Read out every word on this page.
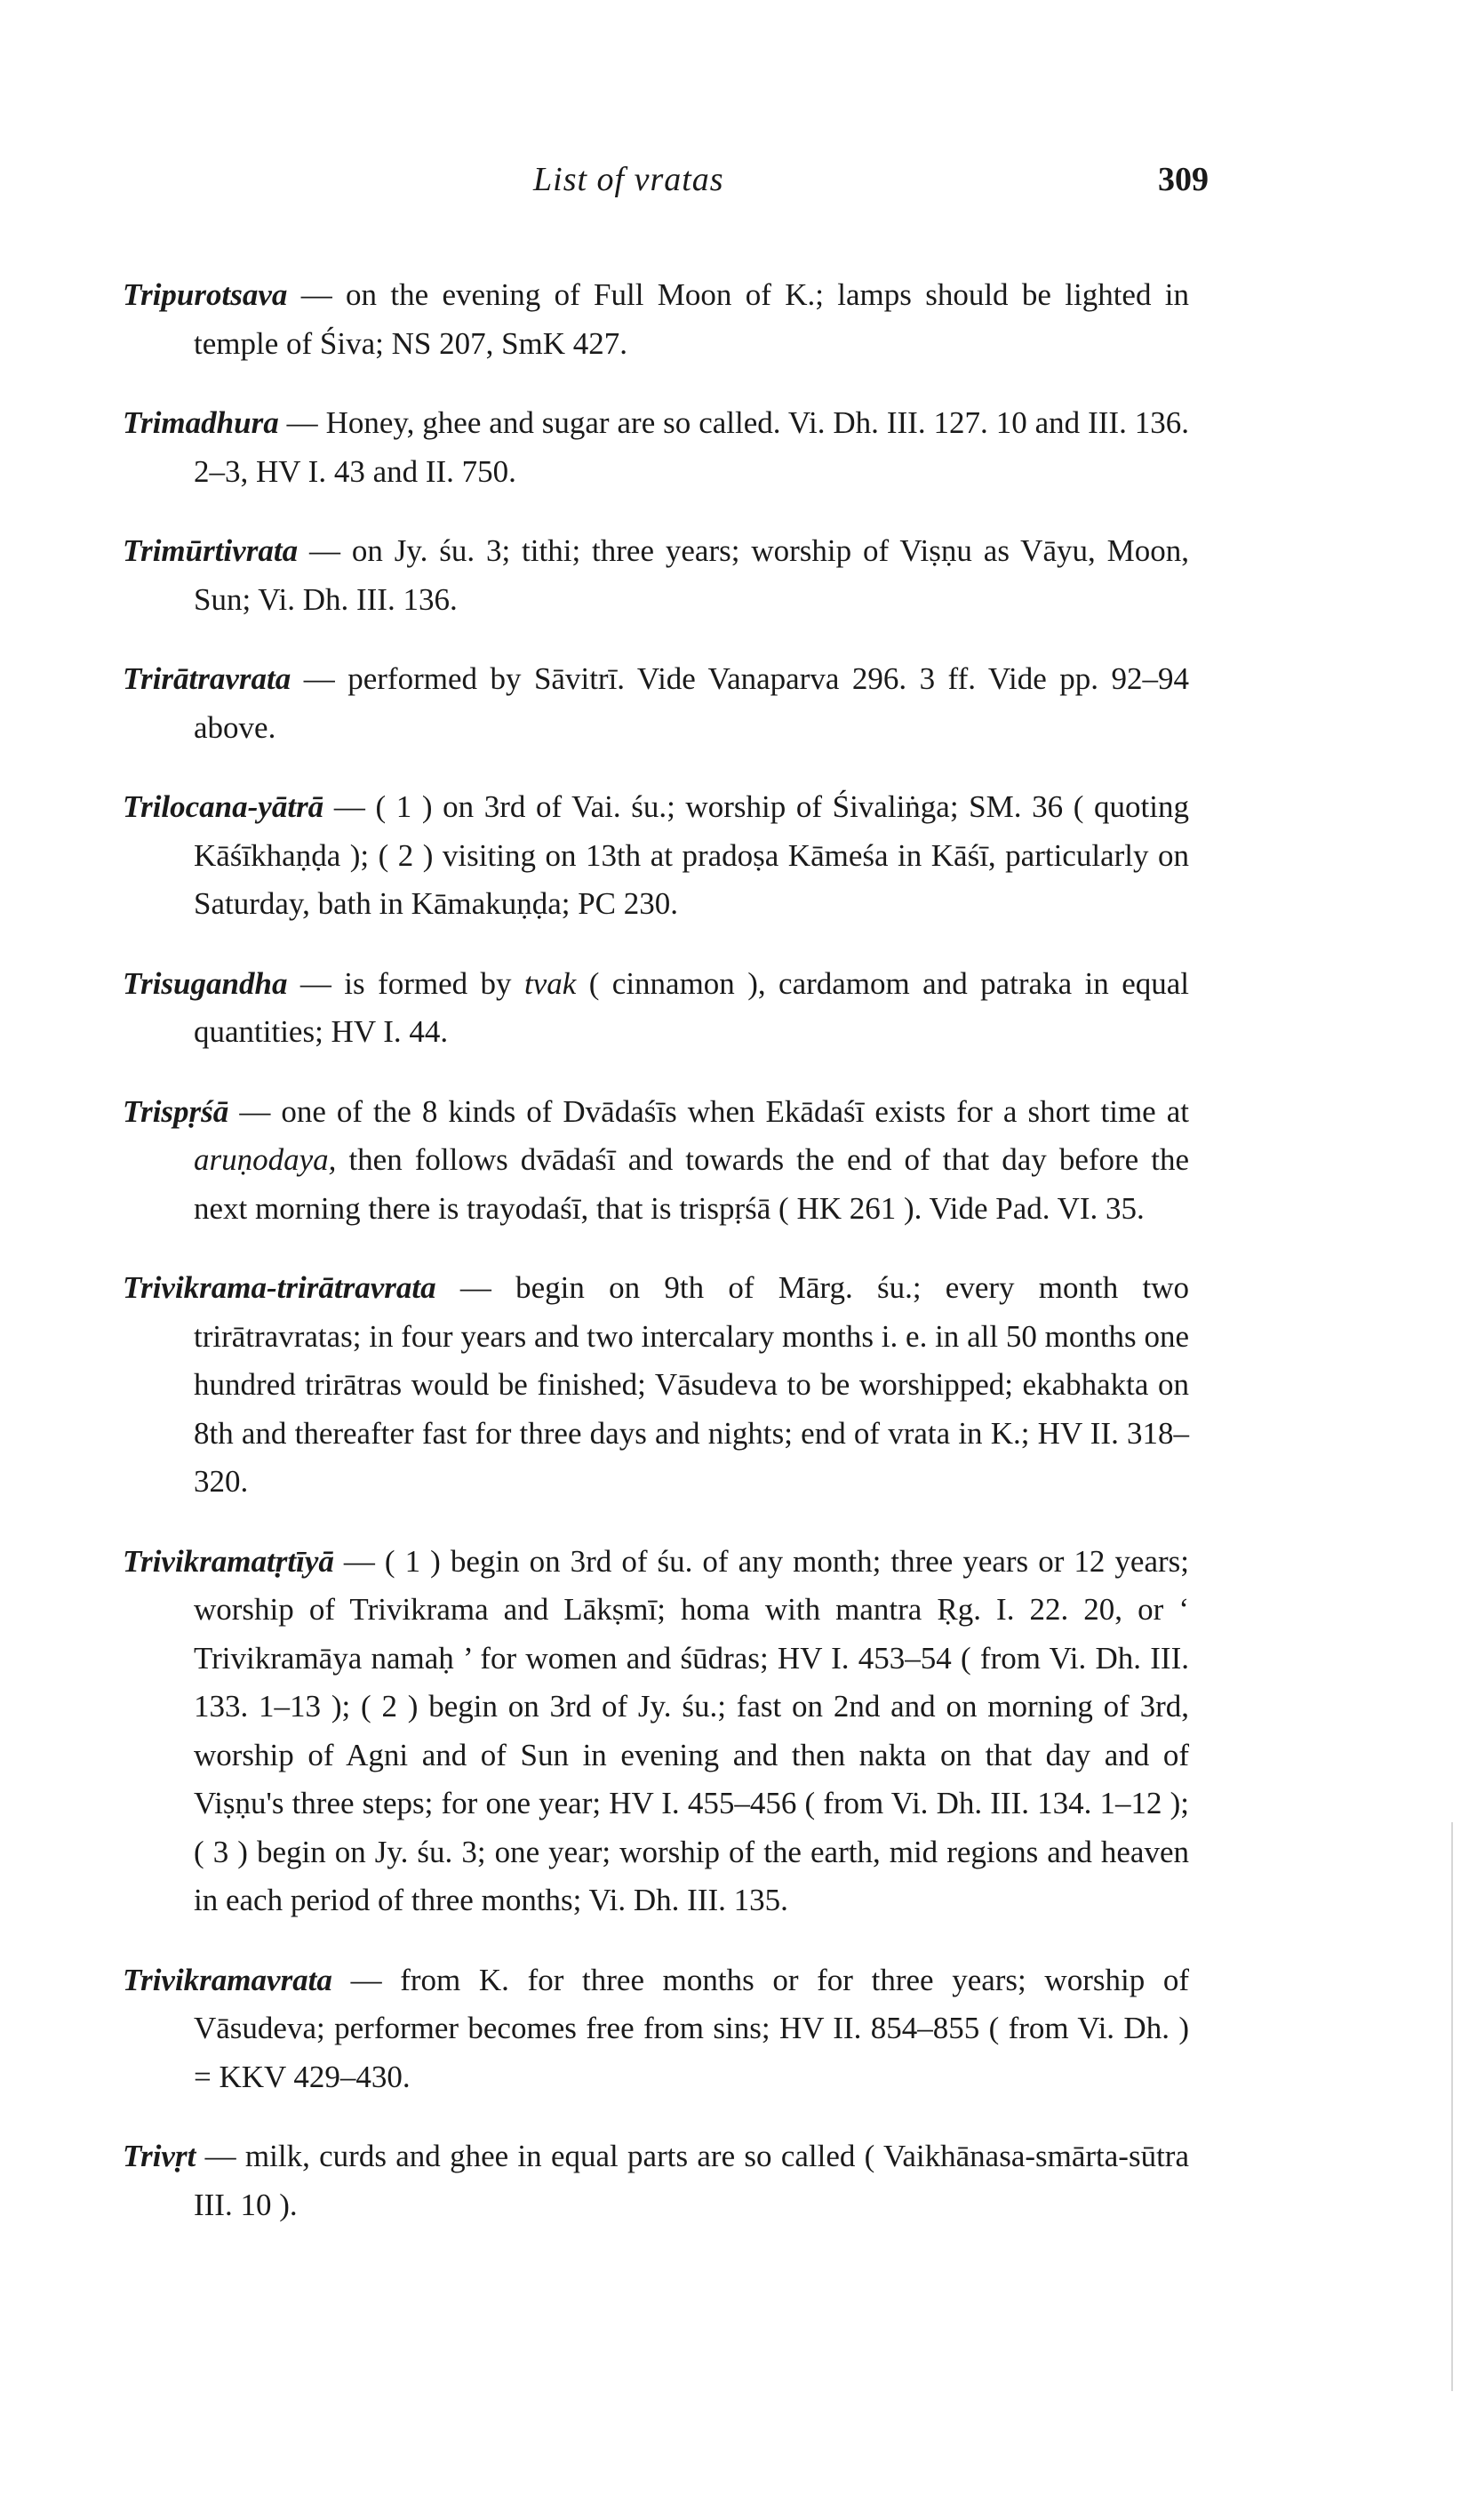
List of vratas	309

Tripurotsava — on the evening of Full Moon of K.; lamps should be lighted in temple of Śiva; NS 207, SmK 427.

Trimadhura — Honey, ghee and sugar are so called. Vi. Dh. III. 127. 10 and III. 136. 2–3, HV I. 43 and II. 750.

Trimūrtivrata — on Jy. śu. 3; tithi; three years; worship of Viṣṇu as Vāyu, Moon, Sun; Vi. Dh. III. 136.

Trirātravrata — performed by Sāvitrī. Vide Vanaparva 296. 3 ff. Vide pp. 92–94 above.

Trilocana-yātrā — ( 1 ) on 3rd of Vai. śu.; worship of Śivaliṅga; SM. 36 ( quoting Kāśīkhaṇḍa ); ( 2 ) visiting on 13th at pradoṣa Kāmeśa in Kāśī, particularly on Saturday, bath in Kāmakuṇḍa; PC 230.

Trisugandha — is formed by tvak ( cinnamon ), cardamom and patraka in equal quantities; HV I. 44.

Trispṛśā — one of the 8 kinds of Dvādaśīs when Ekādaśī exists for a short time at aruṇodaya, then follows dvādaśī and towards the end of that day before the next morning there is trayodaśī, that is trispṛśā ( HK 261 ). Vide Pad. VI. 35.

Trivikrama-trirātravrata — begin on 9th of Mārg. śu.; every month two trirātravratas; in four years and two intercalary months i. e. in all 50 months one hundred trirātras would be finished; Vāsudeva to be worshipped; ekabhakta on 8th and thereafter fast for three days and nights; end of vrata in K.; HV II. 318–320.

Trivikramatṛtīyā — ( 1 ) begin on 3rd of śu. of any month; three years or 12 years; worship of Trivikrama and Lākṣmī; homa with mantra Ṛg. I. 22. 20, or ‘ Trivikramāya namaḥ ’ for women and śūdras; HV I. 453–54 ( from Vi. Dh. III. 133. 1–13 ); ( 2 ) begin on 3rd of Jy. śu.; fast on 2nd and on morning of 3rd, worship of Agni and of Sun in evening and then nakta on that day and of Viṣṇu's three steps; for one year; HV I. 455–456 ( from Vi. Dh. III. 134. 1–12 ); ( 3 ) begin on Jy. śu. 3; one year; worship of the earth, mid regions and heaven in each period of three months; Vi. Dh. III. 135.

Trivikramavrata — from K. for three months or for three years; worship of Vāsudeva; performer becomes free from sins; HV II. 854–855 ( from Vi. Dh. ) = KKV 429–430.

Trivṛt — milk, curds and ghee in equal parts are so called ( Vaikhānasa-smārta-sūtra III. 10 ).
